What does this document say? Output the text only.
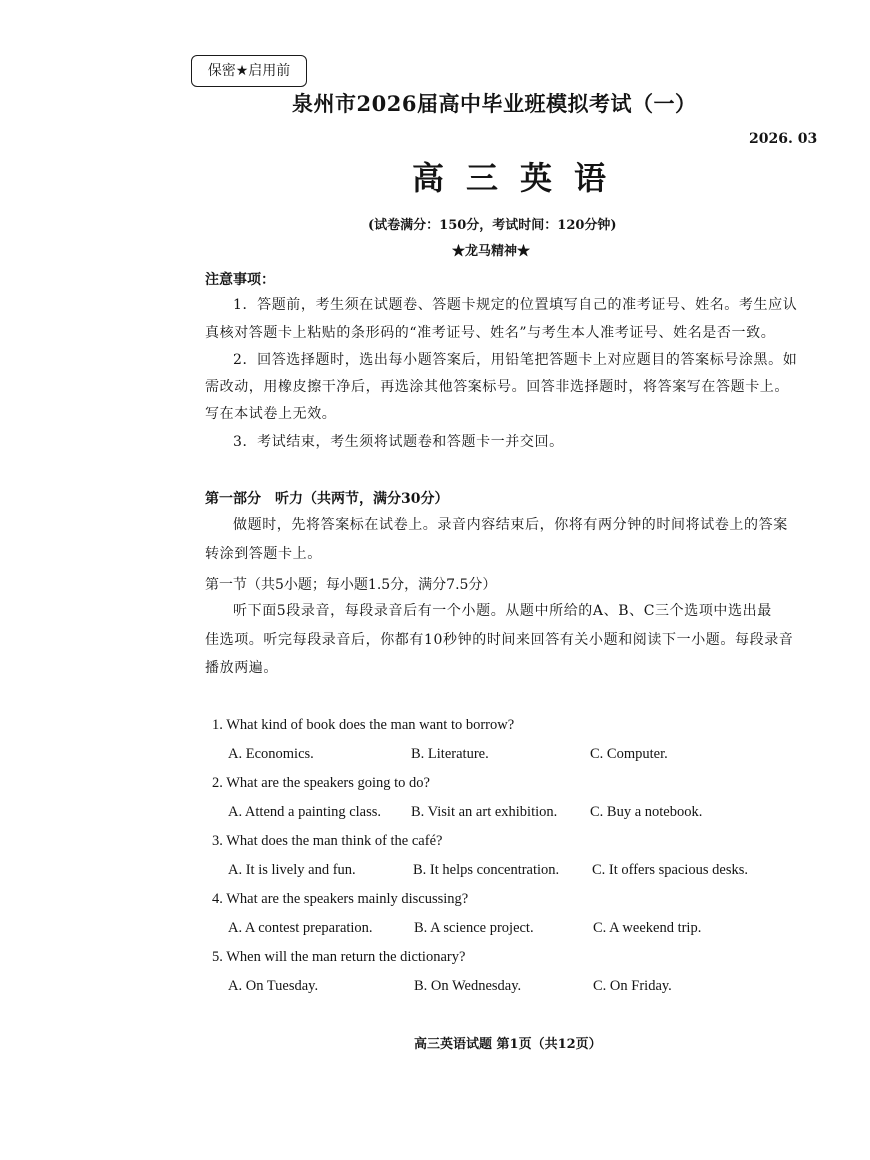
保密★启用前
泉州市2026届高中毕业班模拟考试（一）
2026. 03
高三英语
(试卷满分：150分，考试时间：120分钟)
★龙马精神★
注意事项：
1．答题前，考生须在试题卷、答题卡规定的位置填写自己的准考证号、姓名。考生应认
真核对答题卡上粘贴的条形码的“准考证号、姓名”与考生本人准考证号、姓名是否一致。
2．回答选择题时，选出每小题答案后，用铅笔把答题卡上对应题目的答案标号涂黑。如
需改动，用橡皮擦干净后，再选涂其他答案标号。回答非选择题时，将答案写在答题卡上。
写在本试卷上无效。
3．考试结束，考生须将试题卷和答题卡一并交回。
第一部分　听力（共两节，满分30分）
做题时，先将答案标在试卷上。录音内容结束后，你将有两分钟的时间将试卷上的答案
转涂到答题卡上。
第一节（共5小题；每小题1.5分，满分7.5分）
听下面5段录音，每段录音后有一个小题。从题中所给的A、B、C三个选项中选出最
佳选项。听完每段录音后，你都有10秒钟的时间来回答有关小题和阅读下一小题。每段录音
播放两遍。
1. What kind of book does the man want to borrow?
A. Economics.	B. Literature.	C. Computer.
2. What are the speakers going to do?
A. Attend a painting class. B. Visit an art exhibition. C. Buy a notebook.
3. What does the man think of the café?
A. It is lively and fun.	B. It helps concentration. C. It offers spacious desks.
4. What are the speakers mainly discussing?
A. A contest preparation.	B. A science project.	C. A weekend trip.
5. When will the man return the dictionary?
A. On Tuesday.	B. On Wednesday.	C. On Friday.
高三英语试题 第1页（共12页）
